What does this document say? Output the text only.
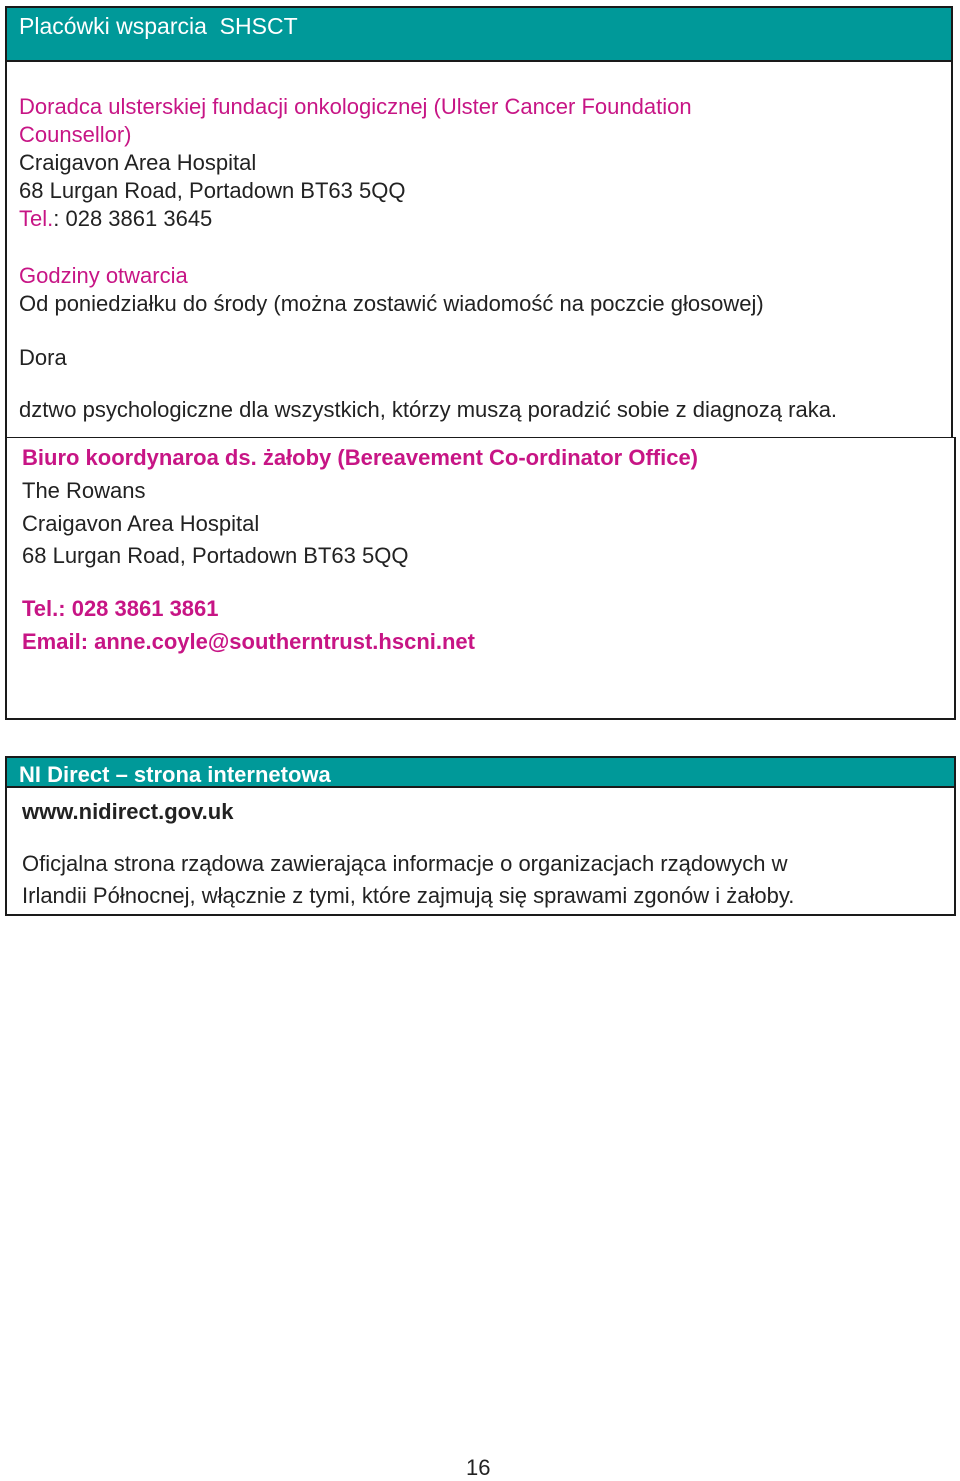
Placówki wsparcia  SHSCT
Doradca ulsterskiej fundacji onkologicznej (Ulster Cancer Foundation
Counsellor)
Craigavon Area Hospital
68 Lurgan Road, Portadown BT63 5QQ
Tel.: 028 3861 3645
Godziny otwarcia
Od poniedziałku do środy (można zostawić wiadomość na poczcie głosowej)
Dora
dztwo psychologiczne dla wszystkich, którzy muszą poradzić sobie z diagnozą raka.
Biuro koordynaroa ds. żałoby (Bereavement Co-ordinator Office)
The Rowans
Craigavon Area Hospital
68 Lurgan Road, Portadown BT63 5QQ
Tel.: 028 3861 3861
Email: anne.coyle@southerntrust.hscni.net
NI Direct – strona internetowa
www.nidirect.gov.uk
Oficjalna strona rządowa zawierająca informacje o organizacjach rządowych w
Irlandii Północnej, włącznie z tymi, które zajmują się sprawami zgonów i żałoby.
16
